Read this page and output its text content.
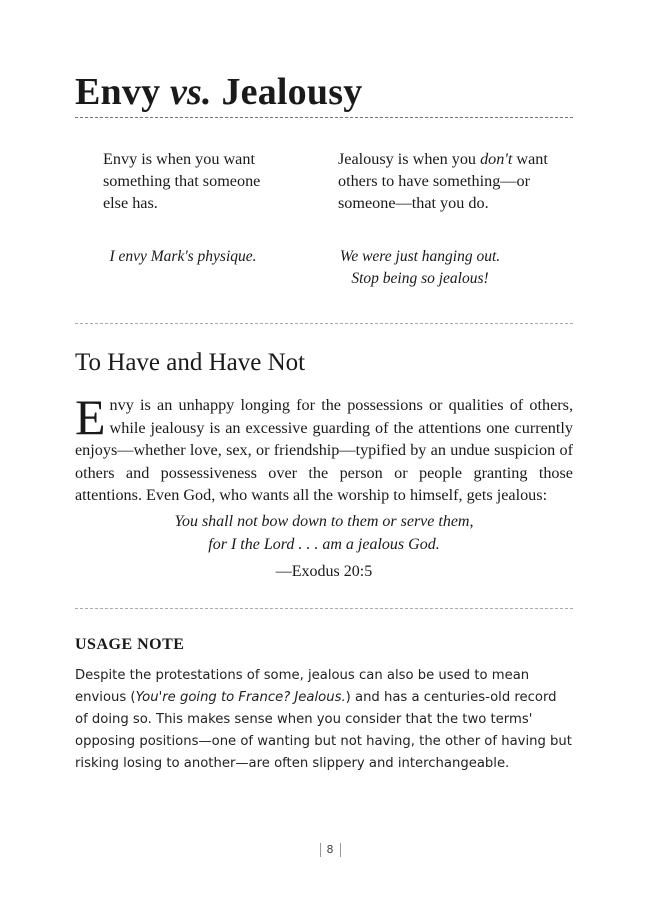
Envy vs. Jealousy
Envy is when you want
something that someone
else has.
Jealousy is when you don't want
others to have something—or
someone—that you do.
I envy Mark's physique.	We were just hanging out.
Stop being so jealous!
To Have and Have Not

Envy is an unhappy longing for the possessions or qualities of others, while jealousy is an excessive guarding of the attentions one currently enjoys—whether love, sex, or friendship—typified by an undue suspicion of others and possessiveness over the person or people granting those attentions. Even God, who wants all the worship to himself, gets jealous:

You shall not bow down to them or serve them,
for I the Lord . . . am a jealous God.
—Exodus 20:5
USAGE NOTE

Despite the protestations of some, jealous can also be used to mean envious (You're going to France? Jealous.) and has a centuries-old record of doing so. This makes sense when you consider that the two terms' opposing positions—one of wanting but not having, the other of having but risking losing to another—are often slippery and interchangeable.

8
